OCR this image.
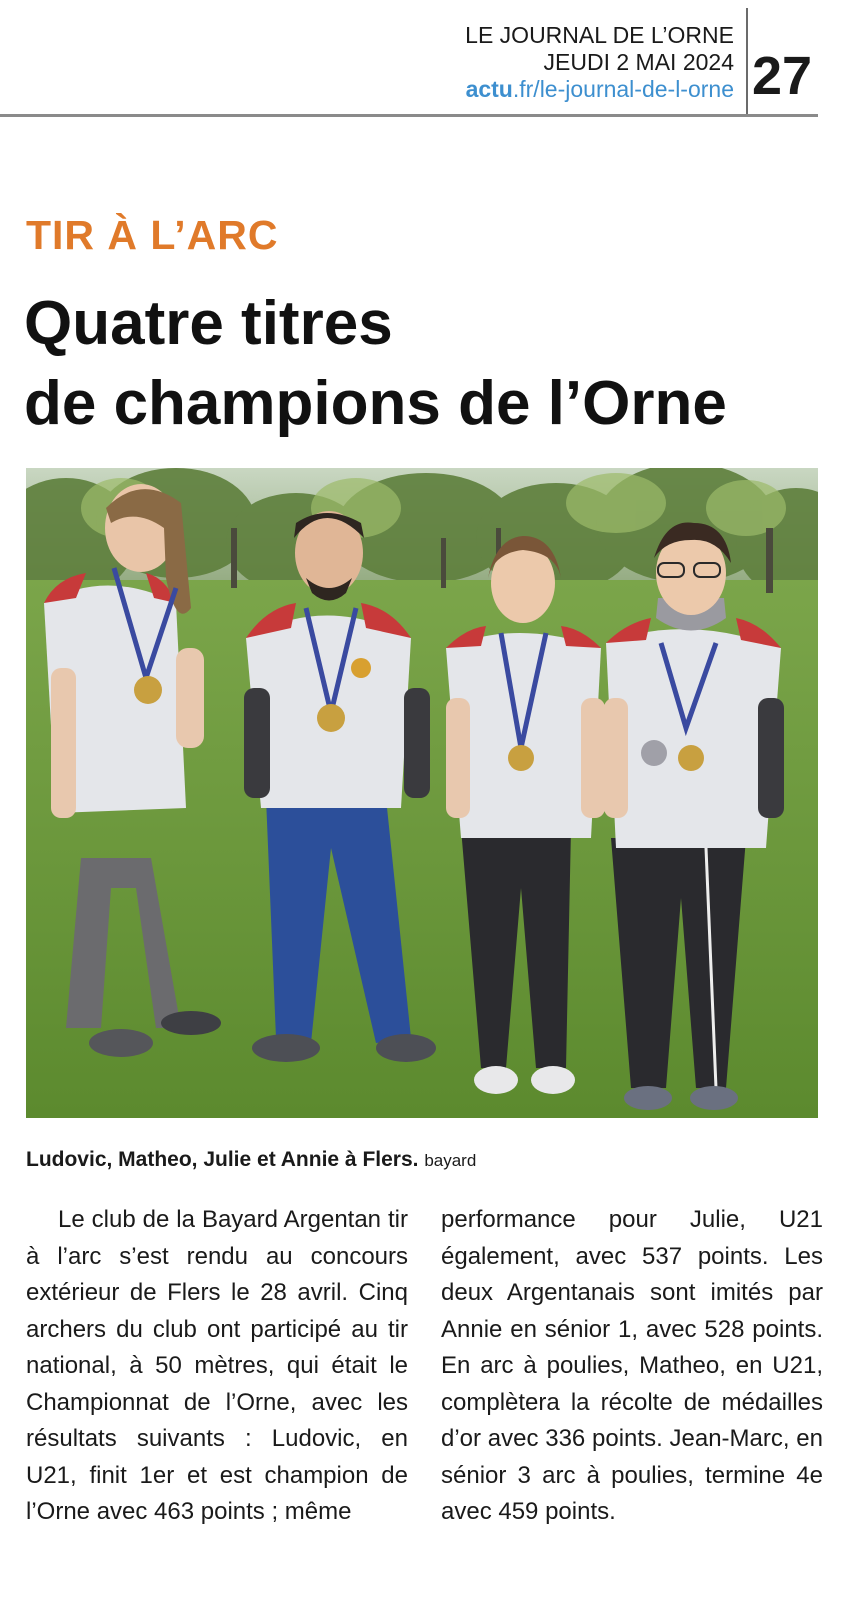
LE JOURNAL DE L’ORNE
JEUDI 2 MAI 2024
actu.fr/le-journal-de-l-orne 27
TIR À L’ARC
Quatre titres
de champions de l’Orne
Ludovic, Matheo, Julie et Annie à Flers. bayard
Le club de la Bayard Argentan tir à l’arc s’est rendu au concours extérieur de Flers le 28 avril. Cinq archers du club ont participé au tir national, à 50 mètres, qui était le Championnat de l’Orne, avec les résultats suivants : Ludovic, en U21, finit 1er et est champion de l’Orne avec 463 points ; même
performance pour Julie, U21 également, avec 537 points. Les deux Argentanais sont imités par Annie en sénior 1, avec 528 points. En arc à poulies, Matheo, en U21, complètera la récolte de médailles d’or avec 336 points. Jean-Marc, en sénior 3 arc à poulies, termine 4e avec 459 points.
